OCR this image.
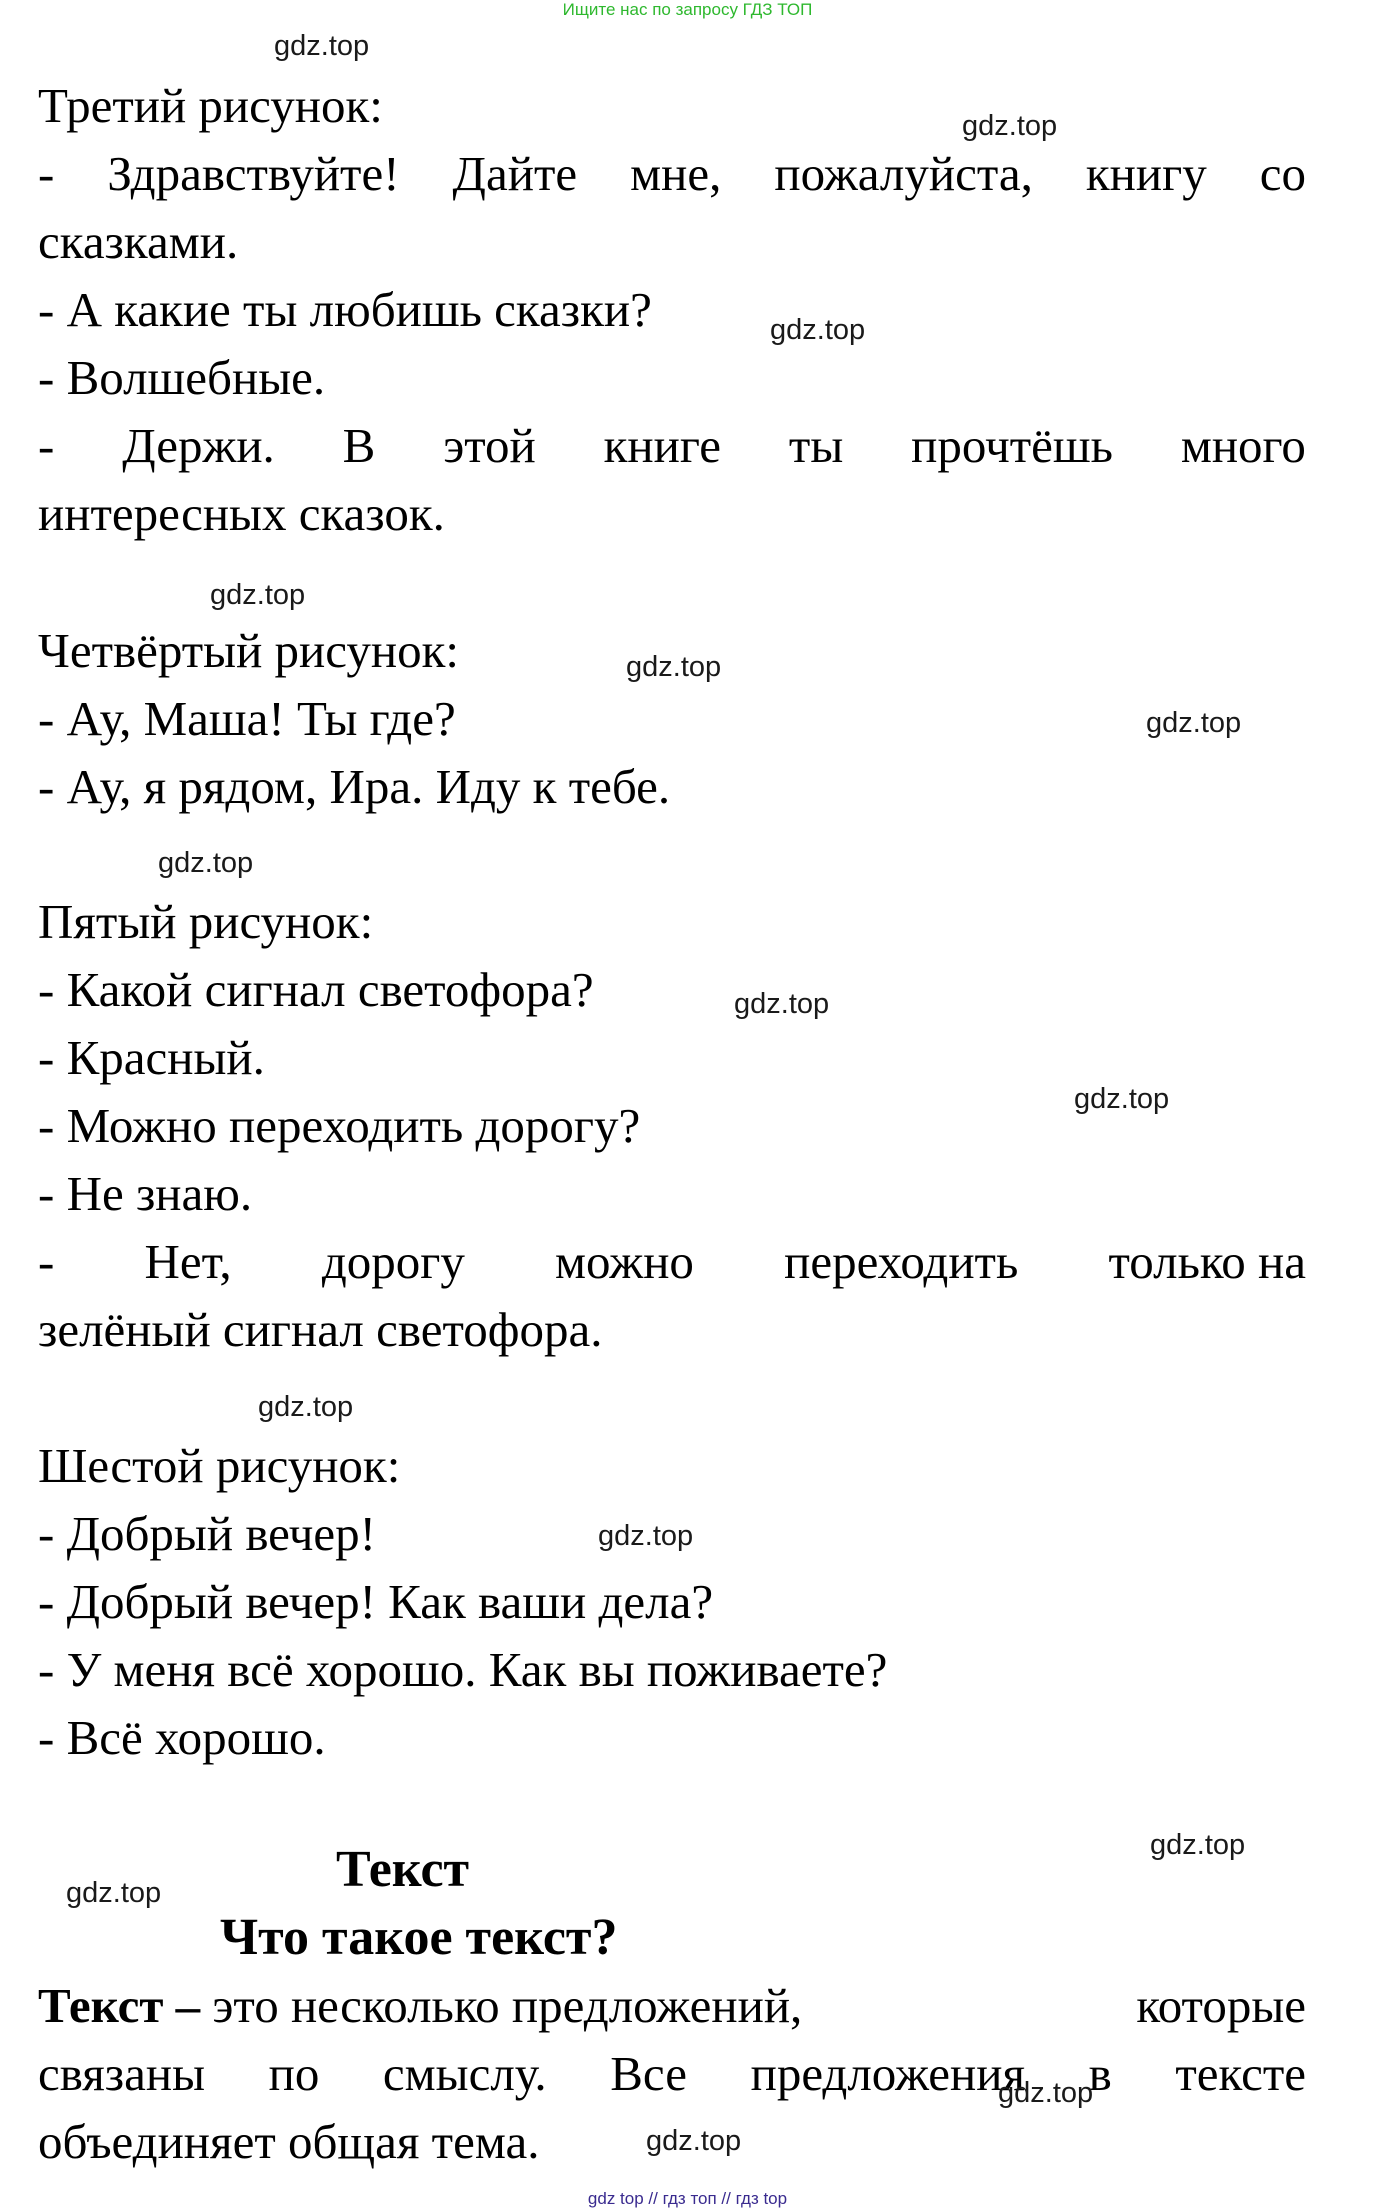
Ищите нас по запросу ГДЗ ТОП
Третий рисунок:
- Здравствуйте! Дайте мне, пожалуйста, книгу со
сказками.
- А какие ты любишь сказки?
- Волшебные.
- Держи. В этой книге ты прочтёшь много
интересных сказок.
Четвёртый рисунок:
- Ау, Маша! Ты где?
- Ау, я рядом, Ира. Иду к тебе.
Пятый рисунок:
- Какой сигнал светофора?
- Красный.
- Можно переходить дорогу?
- Не знаю.
- Нет, дорогу можно переходить только на
зелёный сигнал светофора.
Шестой рисунок:
- Добрый вечер!
- Добрый вечер! Как ваши дела?
- У меня всё хорошо. Как вы поживаете?
- Всё хорошо.
Текст
Что такое текст?
Текст – это несколько предложений,	которые
связаны по смыслу. Все предложения в тексте
объединяет общая тема.
gdz.top
gdz.top
gdz.top
gdz.top
gdz.top
gdz.top
gdz.top
gdz.top
gdz.top
gdz.top
gdz.top
gdz.top
gdz.top
gdz.top
gdz.top
gdz top // гдз топ // гдз top
